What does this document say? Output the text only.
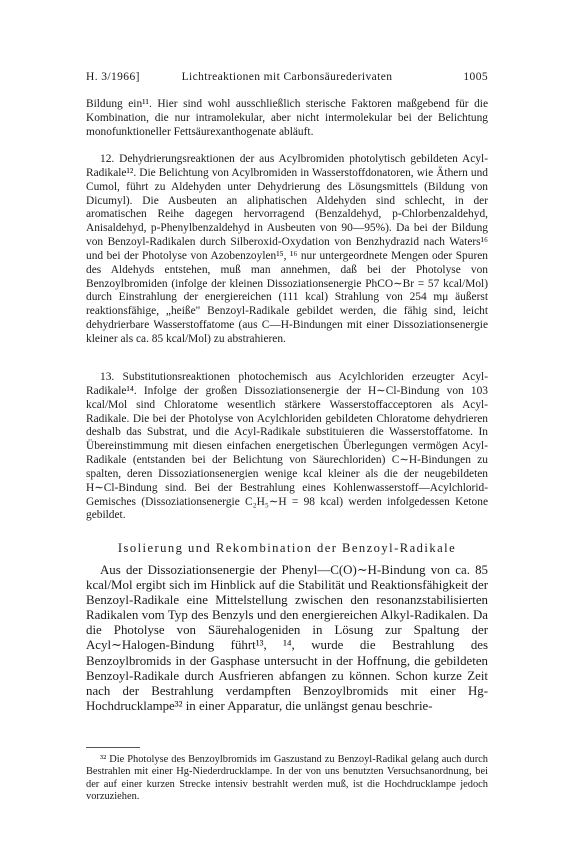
H. 3/1966]	Lichtreaktionen mit Carbonsäurederivaten	1005

Bildung ein¹¹. Hier sind wohl ausschließlich sterische Faktoren maßgebend für die Kombination, die nur intramolekular, aber nicht intermolekular bei der Belichtung monofunktioneller Fettsäurexanthogenate abläuft.

12. Dehydrierungsreaktionen der aus Acylbromiden photolytisch gebildeten Acyl-Radikale¹². Die Belichtung von Acylbromiden in Wasserstoffdonatoren, wie Äthern und Cumol, führt zu Aldehyden unter Dehydrierung des Lösungsmittels (Bildung von Dicumyl). Die Ausbeuten an aliphatischen Aldehyden sind schlecht, in der aromatischen Reihe dagegen hervorragend (Benzaldehyd, p-Chlorbenzaldehyd, Anisaldehyd, p-Phenylbenzaldehyd in Ausbeuten von 90—95%). Da bei der Bildung von Benzoyl-Radikalen durch Silberoxid-Oxydation von Benzhydrazid nach Waters¹⁶ und bei der Photolyse von Azobenzoylen¹⁵, ¹⁶ nur untergeordnete Mengen oder Spuren des Aldehyds entstehen, muß man annehmen, daß bei der Photolyse von Benzoylbromiden (infolge der kleinen Dissoziationsenergie PhCO∼Br = 57 kcal/Mol) durch Einstrahlung der energiereichen (111 kcal) Strahlung von 254 mμ äußerst reaktionsfähige, „heiße" Benzoyl-Radikale gebildet werden, die fähig sind, leicht dehydrierbare Wasserstoffatome (aus C—H-Bindungen mit einer Dissoziationsenergie kleiner als ca. 85 kcal/Mol) zu abstrahieren.

13. Substitutionsreaktionen photochemisch aus Acylchloriden erzeugter Acyl-Radikale¹⁴. Infolge der großen Dissoziationsenergie der H∼Cl-Bindung von 103 kcal/Mol sind Chloratome wesentlich stärkere Wasserstoffacceptoren als Acyl-Radikale. Die bei der Photolyse von Acylchloriden gebildeten Chloratome dehydrieren deshalb das Substrat, und die Acyl-Radikale substituieren die Wasserstoffatome. In Übereinstimmung mit diesen einfachen energetischen Überlegungen vermögen Acyl-Radikale (entstanden bei der Belichtung von Säurechloriden) C∼H-Bindungen zu spalten, deren Dissoziationsenergien wenige kcal kleiner als die der neugebildeten H∼Cl-Bindung sind. Bei der Bestrahlung eines Kohlenwasserstoff—Acylchlorid-Gemisches (Dissoziationsenergie C₂H₅∼H = 98 kcal) werden infolgedessen Ketone gebildet.

Isolierung und Rekombination der Benzoyl-Radikale

Aus der Dissoziationsenergie der Phenyl—C(O)∼H-Bindung von ca. 85 kcal/Mol ergibt sich im Hinblick auf die Stabilität und Reaktionsfähigkeit der Benzoyl-Radikale eine Mittelstellung zwischen den resonanzstabilisierten Radikalen vom Typ des Benzyls und den energiereichen Alkyl-Radikalen. Da die Photolyse von Säurehalogeniden in Lösung zur Spaltung der Acyl∼Halogen-Bindung führt¹³, ¹⁴, wurde die Bestrahlung des Benzoylbromids in der Gasphase untersucht in der Hoffnung, die gebildeten Benzoyl-Radikale durch Ausfrieren abfangen zu können. Schon kurze Zeit nach der Bestrahlung verdampften Benzoylbromids mit einer Hg-Hochdrucklampe³² in einer Apparatur, die unlängst genau beschrie-

³² Die Photolyse des Benzoylbromids im Gaszustand zu Benzoyl-Radikal gelang auch durch Bestrahlen mit einer Hg-Niederdrucklampe. In der von uns benutzten Versuchsanordnung, bei der auf einer kurzen Strecke intensiv bestrahlt werden muß, ist die Hochdrucklampe jedoch vorzuziehen.
